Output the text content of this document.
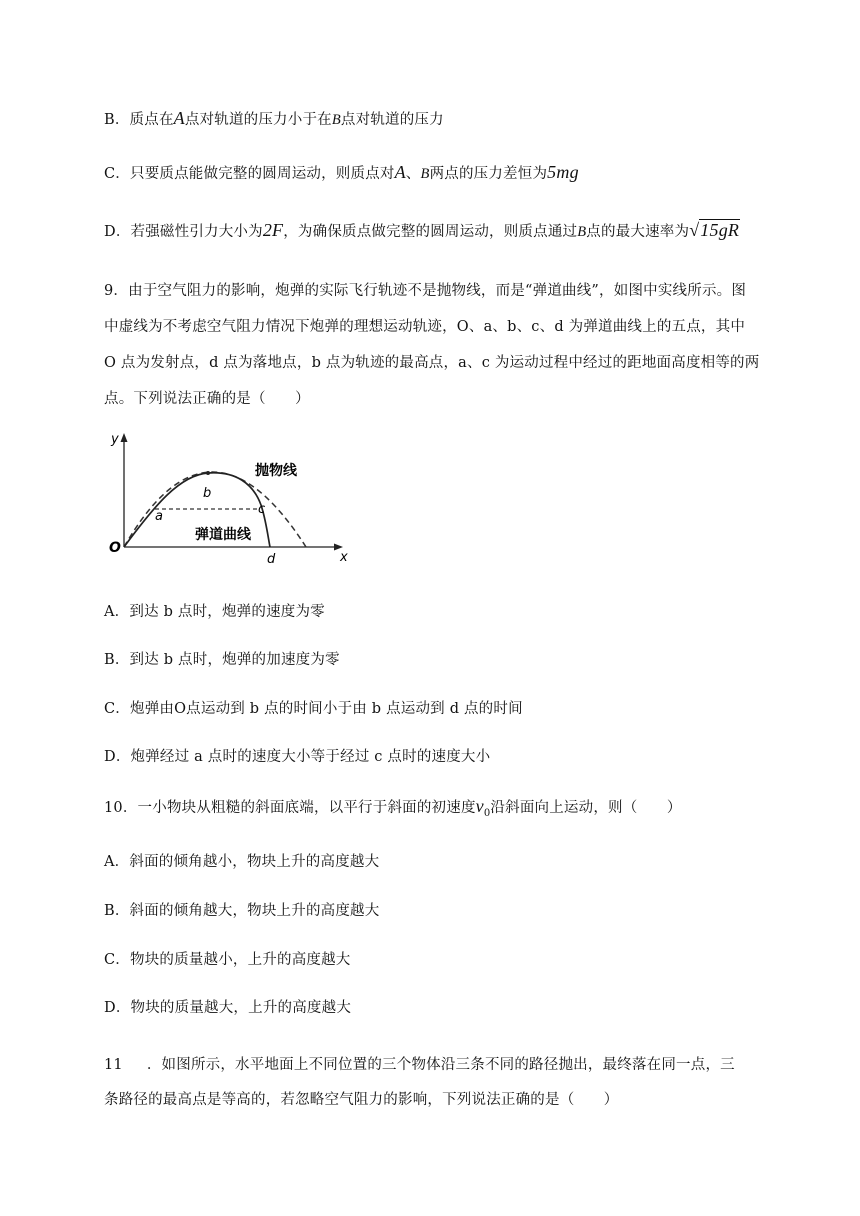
B．质点在A点对轨道的压力小于在B点对轨道的压力
C．只要质点能做完整的圆周运动，则质点对A、B两点的压力差恒为5mg
D．若强磁性引力大小为2F，为确保质点做完整的圆周运动，则质点通过B点的最大速率为√15gR
9．由于空气阻力的影响，炮弹的实际飞行轨迹不是抛物线，而是“弹道曲线”，如图中实线所示。图
中虚线为不考虑空气阻力情况下炮弹的理想运动轨迹，O、a、b、c、d 为弹道曲线上的五点，其中
O 点为发射点，d 点为落地点，b 点为轨迹的最高点，a、c 为运动过程中经过的距地面高度相等的两
点。下列说法正确的是（　　）
y
x
O
a
b
c
d
抛物线
弹道曲线
A．到达 b 点时，炮弹的速度为零
B．到达 b 点时，炮弹的加速度为零
C．炮弹由O点运动到 b 点的时间小于由 b 点运动到 d 点的时间
D．炮弹经过 a 点时的速度大小等于经过 c 点时的速度大小
10．一小物块从粗糙的斜面底端，以平行于斜面的初速度$v_0$沿斜面向上运动，则（　　）
A．斜面的倾角越小，物块上升的高度越大
B．斜面的倾角越大，物块上升的高度越大
C．物块的质量越小，上升的高度越大
D．物块的质量越大，上升的高度越大
11 ．如图所示，水平地面上不同位置的三个物体沿三条不同的路径抛出，最终落在同一点，三
条路径的最高点是等高的，若忽略空气阻力的影响，下列说法正确的是（　　）
